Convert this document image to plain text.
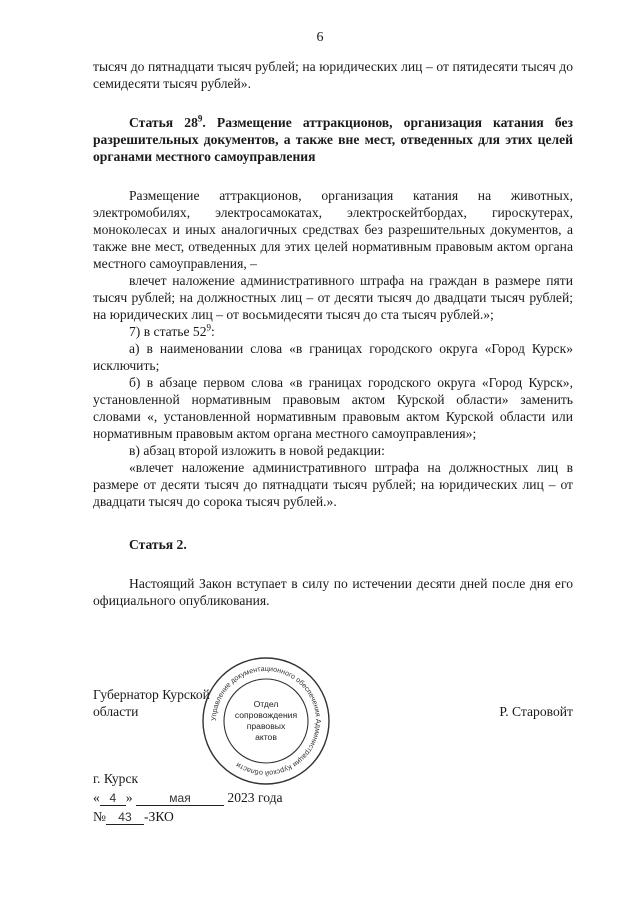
6

тысяч до пятнадцати тысяч рублей; на юридических лиц – от пятидесяти тысяч до семидесяти тысяч рублей».

Статья $28^9$. Размещение аттракционов, организация катания без разрешительных документов, а также вне мест, отведенных для этих целей органами местного самоуправления

Размещение аттракционов, организация катания на животных, электромобилях, электросамокатах, электроскейтбордах, гироскутерах, моноколесах и иных аналогичных средствах без разрешительных документов, а также вне мест, отведенных для этих целей нормативным правовым актом органа местного самоуправления, –

влечет наложение административного штрафа на граждан в размере пяти тысяч рублей; на должностных лиц – от десяти тысяч до двадцати тысяч рублей; на юридических лиц – от восьмидесяти тысяч до ста тысяч рублей.»;

7) в статье $52^9$:

а) в наименовании слова «в границах городского округа «Город Курск» исключить;

б) в абзаце первом слова «в границах городского округа «Город Курск», установленной нормативным правовым актом Курской области» заменить словами «, установленной нормативным правовым актом Курской области или нормативным правовым актом органа местного самоуправления»;

в) абзац второй изложить в новой редакции:

«влечет наложение административного штрафа на должностных лиц в размере от десяти тысяч до пятнадцати тысяч рублей; на юридических лиц – от двадцати тысяч до сорока тысяч рублей.».

Статья 2.

Настоящий Закон вступает в силу по истечении десяти дней после дня его официального опубликования.

Губернатор Курской области	Р. Старовойт
Управление документационного обеспечения Администрации Курской области
Отдел
сопровождения
правовых
актов
г. Курск
« 4 »	мая	2023 года
№ 43 -ЗКО
